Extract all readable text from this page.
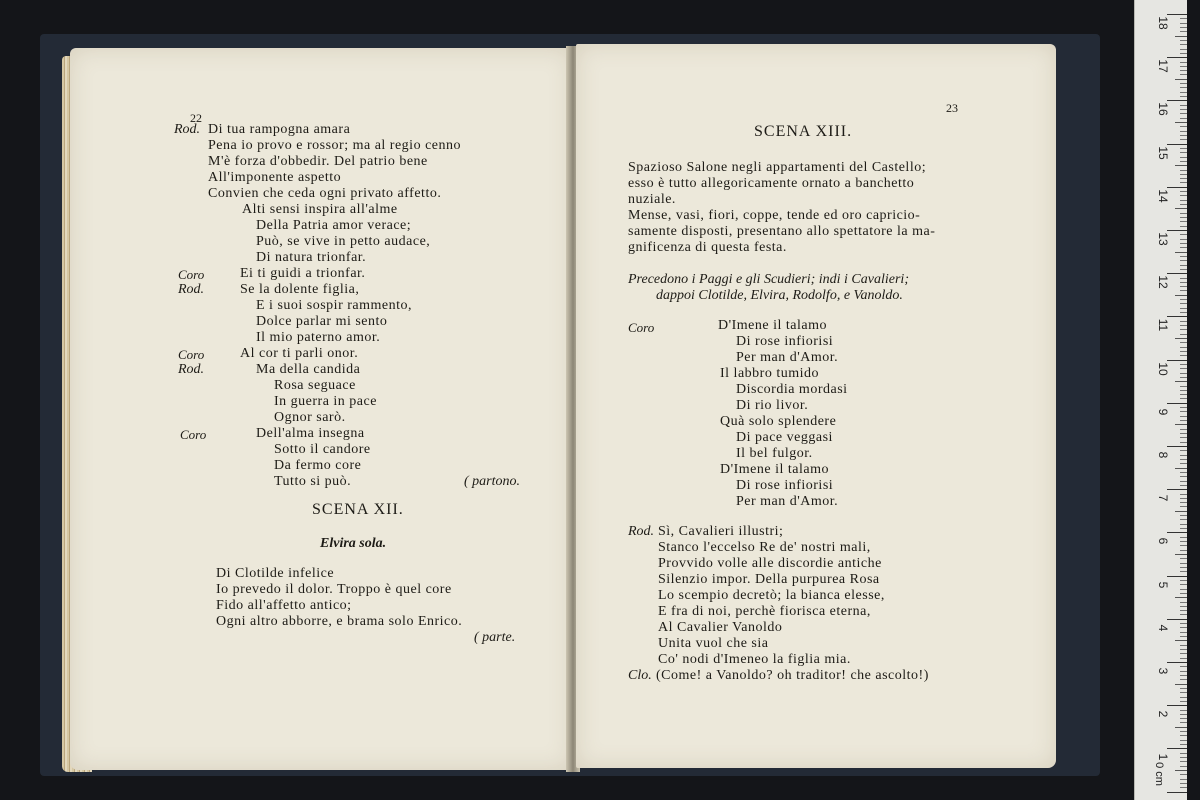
22
Rod. Di tua rampogna amara
Pena io provo e rossor; ma al regio cenno
M'è forza d'obbedir. Del patrio bene
All'imponente aspetto
Convien che ceda ogni privato affetto.
Alti sensi inspira all'alme
Della Patria amor verace;
Può, se vive in petto audace,
Di natura trionfar.
Coro	Ei ti guidi a trionfar.
Rod.	Se la dolente figlia,
E i suoi sospir rammento,
Dolce parlar mi sento
Il mio paterno amor.
Coro	Al cor ti parli onor.
Rod.	Ma della candida
Rosa seguace
In guerra in pace
Ognor sarò.
Coro	Dell'alma insegna
Sotto il candore
Da fermo core
Tutto si può.	( partono.
SCENA XII.
Elvira sola.
Di Clotilde infelice
Io prevedo il dolor. Troppo è quel core
Fido all'affetto antico;
Ogni altro abborre, e brama solo Enrico.
( parte.
23
SCENA XIII.
Spazioso Salone negli appartamenti del Castello;
esso è tutto allegoricamente ornato a banchetto
nuziale.
Mense, vasi, fiori, coppe, tende ed oro capricio-
samente disposti, presentano allo spettatore la ma-
gnificenza di questa festa.
Precedono i Paggi e gli Scudieri; indi i Cavalieri;
dappoi Clotilde, Elvira, Rodolfo, e Vanoldo.
Coro	D'Imene il talamo
Di rose infiorisi
Per man d'Amor.
Il labbro tumido
Discordia mordasi
Di rio livor.
Quà solo splendere
Di pace veggasi
Il bel fulgor.
D'Imene il talamo
Di rose infiorisi
Per man d'Amor.
Rod. Sì, Cavalieri illustri;
Stanco l'eccelso Re de' nostri mali,
Provvido volle alle discordie antiche
Silenzio impor. Della purpurea Rosa
Lo scempio decretò; la bianca elesse,
E fra di noi, perchè fiorisca eterna,
Al Cavalier Vanoldo
Unita vuol che sia
Co' nodi d'Imeneo la figlia mia.
Clo. (Come! a Vanoldo? oh traditor! che ascolto!)
0 cm
18
17
16
15
14
13
12
11
10
9
8
7
6
5
4
3
2
1
